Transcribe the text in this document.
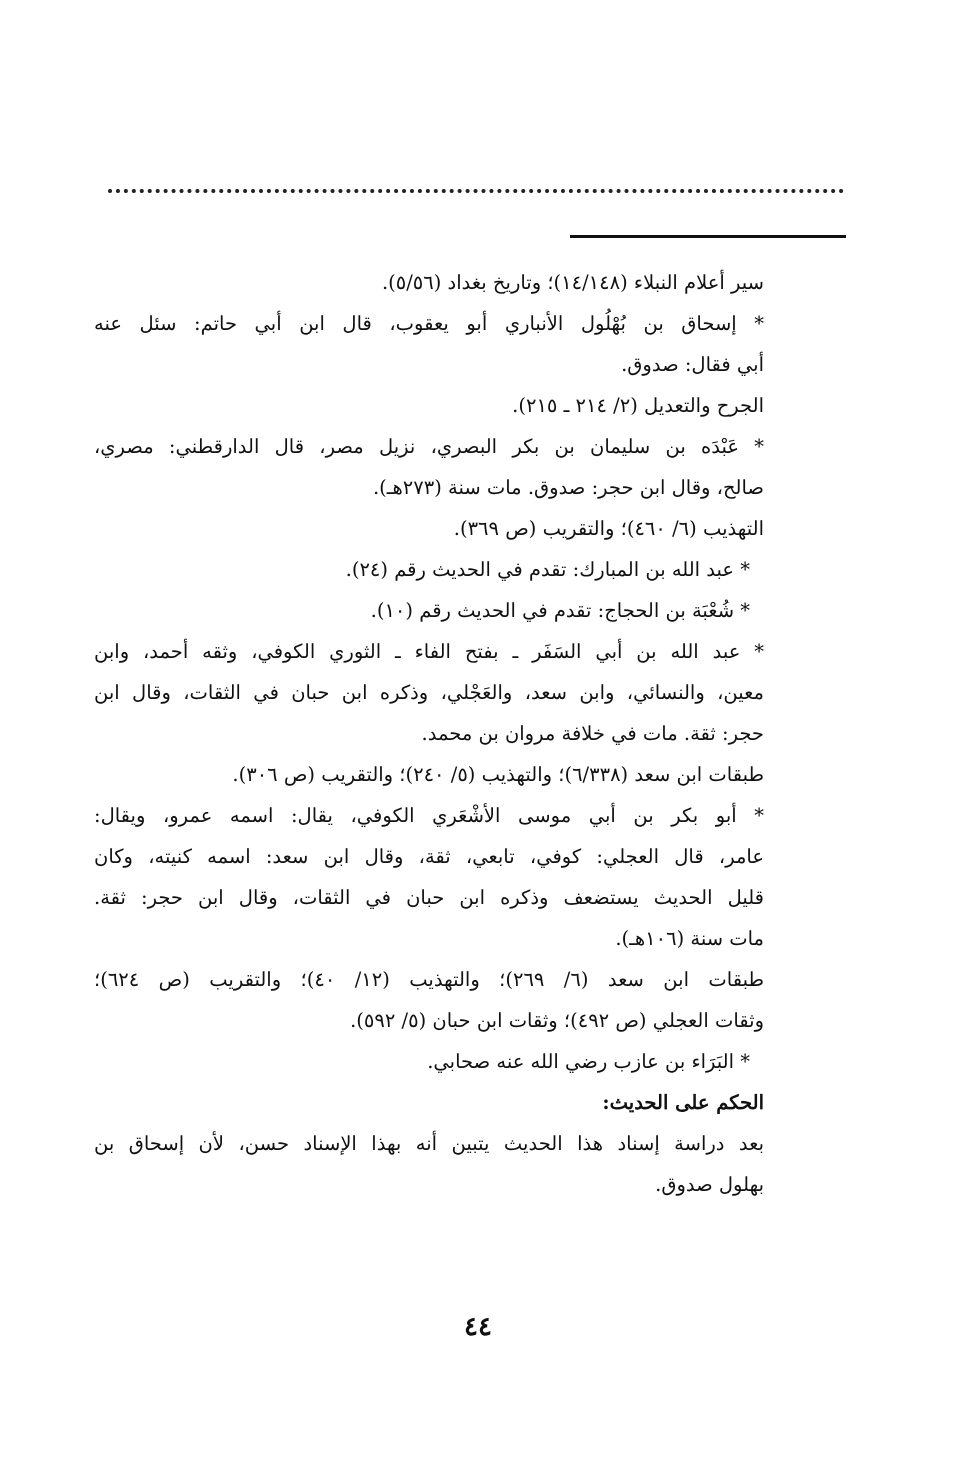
سير أعلام النبلاء (١٤/١٤٨)؛ وتاريخ بغداد (٥/٥٦).
* إسحاق بن بُهْلُول الأنباري أبو يعقوب، قال ابن أبي حاتم: سئل عنه
أبي فقال: صدوق.
الجرح والتعديل (٢/ ٢١٤ ـ ٢١٥).
* عَبْدَه بن سليمان بن بكر البصري، نزيل مصر، قال الدارقطني: مصري،
صالح، وقال ابن حجر: صدوق. مات سنة (٢٧٣هـ).
التهذيب (٦/ ٤٦٠)؛ والتقريب (ص ٣٦٩).
* عبد الله بن المبارك: تقدم في الحديث رقم (٢٤).
* شُعْبَة بن الحجاج: تقدم في الحديث رقم (١٠).
* عبد الله بن أبي السَفَر ـ بفتح الفاء ـ الثوري الكوفي، وثقه أحمد، وابن
معين، والنسائي، وابن سعد، والعَجْلي، وذكره ابن حبان في الثقات، وقال ابن
حجر: ثقة. مات في خلافة مروان بن محمد.
طبقات ابن سعد (٦/٣٣٨)؛ والتهذيب (٥/ ٢٤٠)؛ والتقريب (ص ٣٠٦).
* أبو بكر بن أبي موسى الأشْعَري الكوفي، يقال: اسمه عمرو، ويقال:
عامر، قال العجلي: كوفي، تابعي، ثقة، وقال ابن سعد: اسمه كنيته، وكان
قليل الحديث يستضعف وذكره ابن حبان في الثقات، وقال ابن حجر: ثقة.
مات سنة (١٠٦هـ).
طبقات ابن سعد (٦/ ٢٦٩)؛ والتهذيب (١٢/ ٤٠)؛ والتقريب (ص ٦٢٤)؛
وثقات العجلي (ص ٤٩٢)؛ وثقات ابن حبان (٥/ ٥٩٢).
* البَرَاء بن عازب رضي الله عنه صحابي.
الحكم على الحديث:
بعد دراسة إسناد هذا الحديث يتبين أنه بهذا الإسناد حسن، لأن إسحاق بن
بهلول صدوق.
٤٤
